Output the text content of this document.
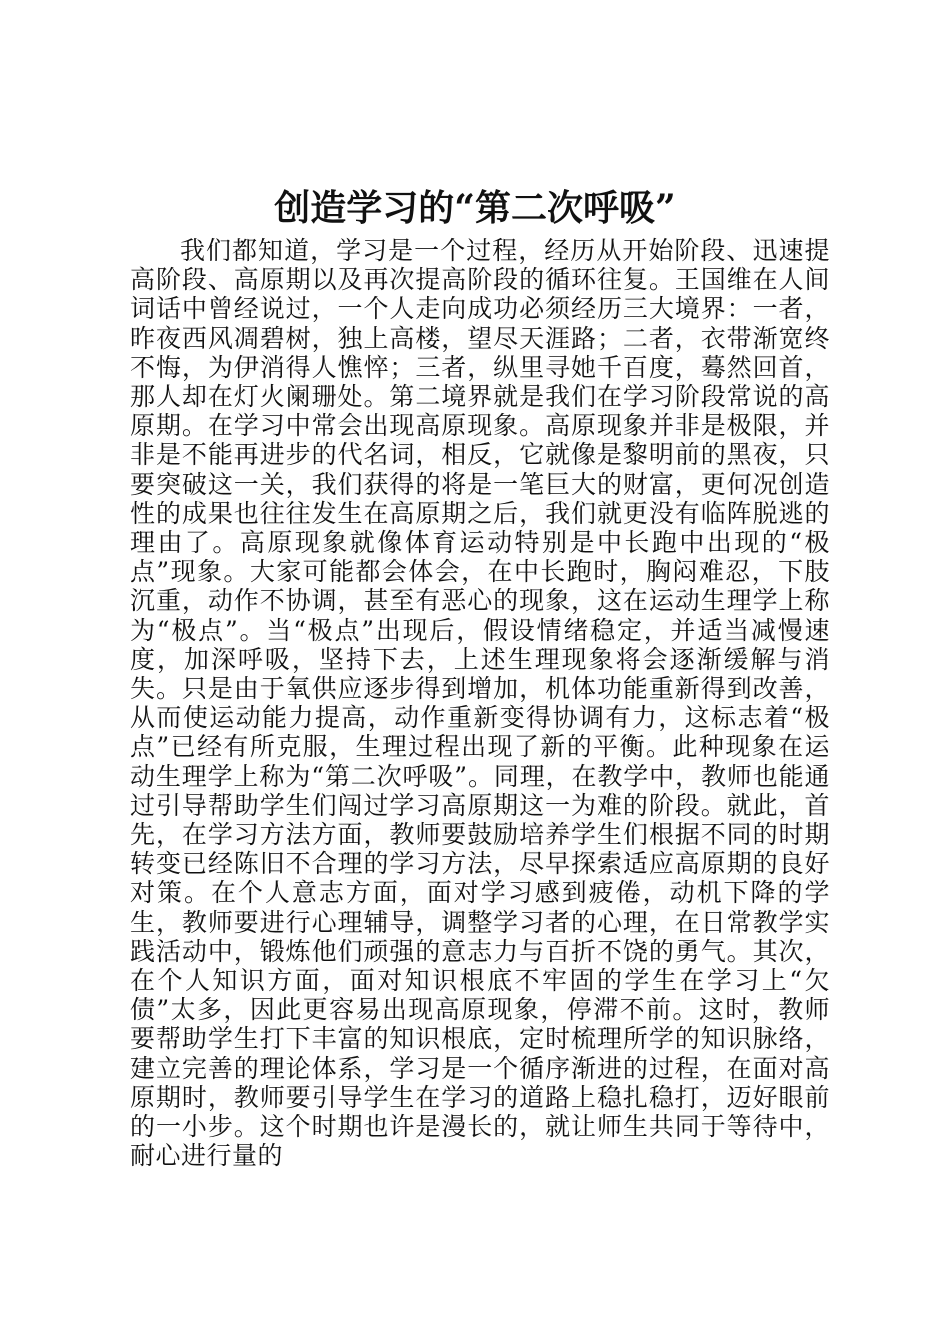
创造学习的“第二次呼吸”

我们都知道，学习是一个过程，经历从开始阶段、迅速提高阶段、高原期以及再次提高阶段的循环往复。王国维在人间词话中曾经说过，一个人走向成功必须经历三大境界：一者，昨夜西风凋碧树，独上高楼，望尽天涯路；二者，衣带渐宽终不悔，为伊消得人憔悴；三者，纵里寻她千百度，蓦然回首，那人却在灯火阑珊处。第二境界就是我们在学习阶段常说的高原期。在学习中常会出现高原现象。高原现象并非是极限，并非是不能再进步的代名词，相反，它就像是黎明前的黑夜，只要突破这一关，我们获得的将是一笔巨大的财富，更何况创造性的成果也往往发生在高原期之后，我们就更没有临阵脱逃的理由了。高原现象就像体育运动特别是中长跑中出现的“极点”现象。大家可能都会体会，在中长跑时，胸闷难忍，下肢沉重，动作不协调，甚至有恶心的现象，这在运动生理学上称为“极点”。当“极点”出现后，假设情绪稳定，并适当减慢速度，加深呼吸，坚持下去，上述生理现象将会逐渐缓解与消失。只是由于氧供应逐步得到增加，机体功能重新得到改善，从而使运动能力提高，动作重新变得协调有力，这标志着“极点”已经有所克服，生理过程出现了新的平衡。此种现象在运动生理学上称为“第二次呼吸”。同理，在教学中，教师也能通过引导帮助学生们闯过学习高原期这一为难的阶段。就此，首先，在学习方法方面，教师要鼓励培养学生们根据不同的时期转变已经陈旧不合理的学习方法，尽早探索适应高原期的良好对策。在个人意志方面，面对学习感到疲倦，动机下降的学生，教师要进行心理辅导，调整学习者的心理，在日常教学实践活动中，锻炼他们顽强的意志力与百折不饶的勇气。其次，在个人知识方面，面对知识根底不牢固的学生在学习上“欠债”太多，因此更容易出现高原现象，停滞不前。这时，教师要帮助学生打下丰富的知识根底，定时梳理所学的知识脉络，建立完善的理论体系，学习是一个循序渐进的过程，在面对高原期时，教师要引导学生在学习的道路上稳扎稳打，迈好眼前的一小步。这个时期也许是漫长的，就让师生共同于等待中，耐心进行量的
